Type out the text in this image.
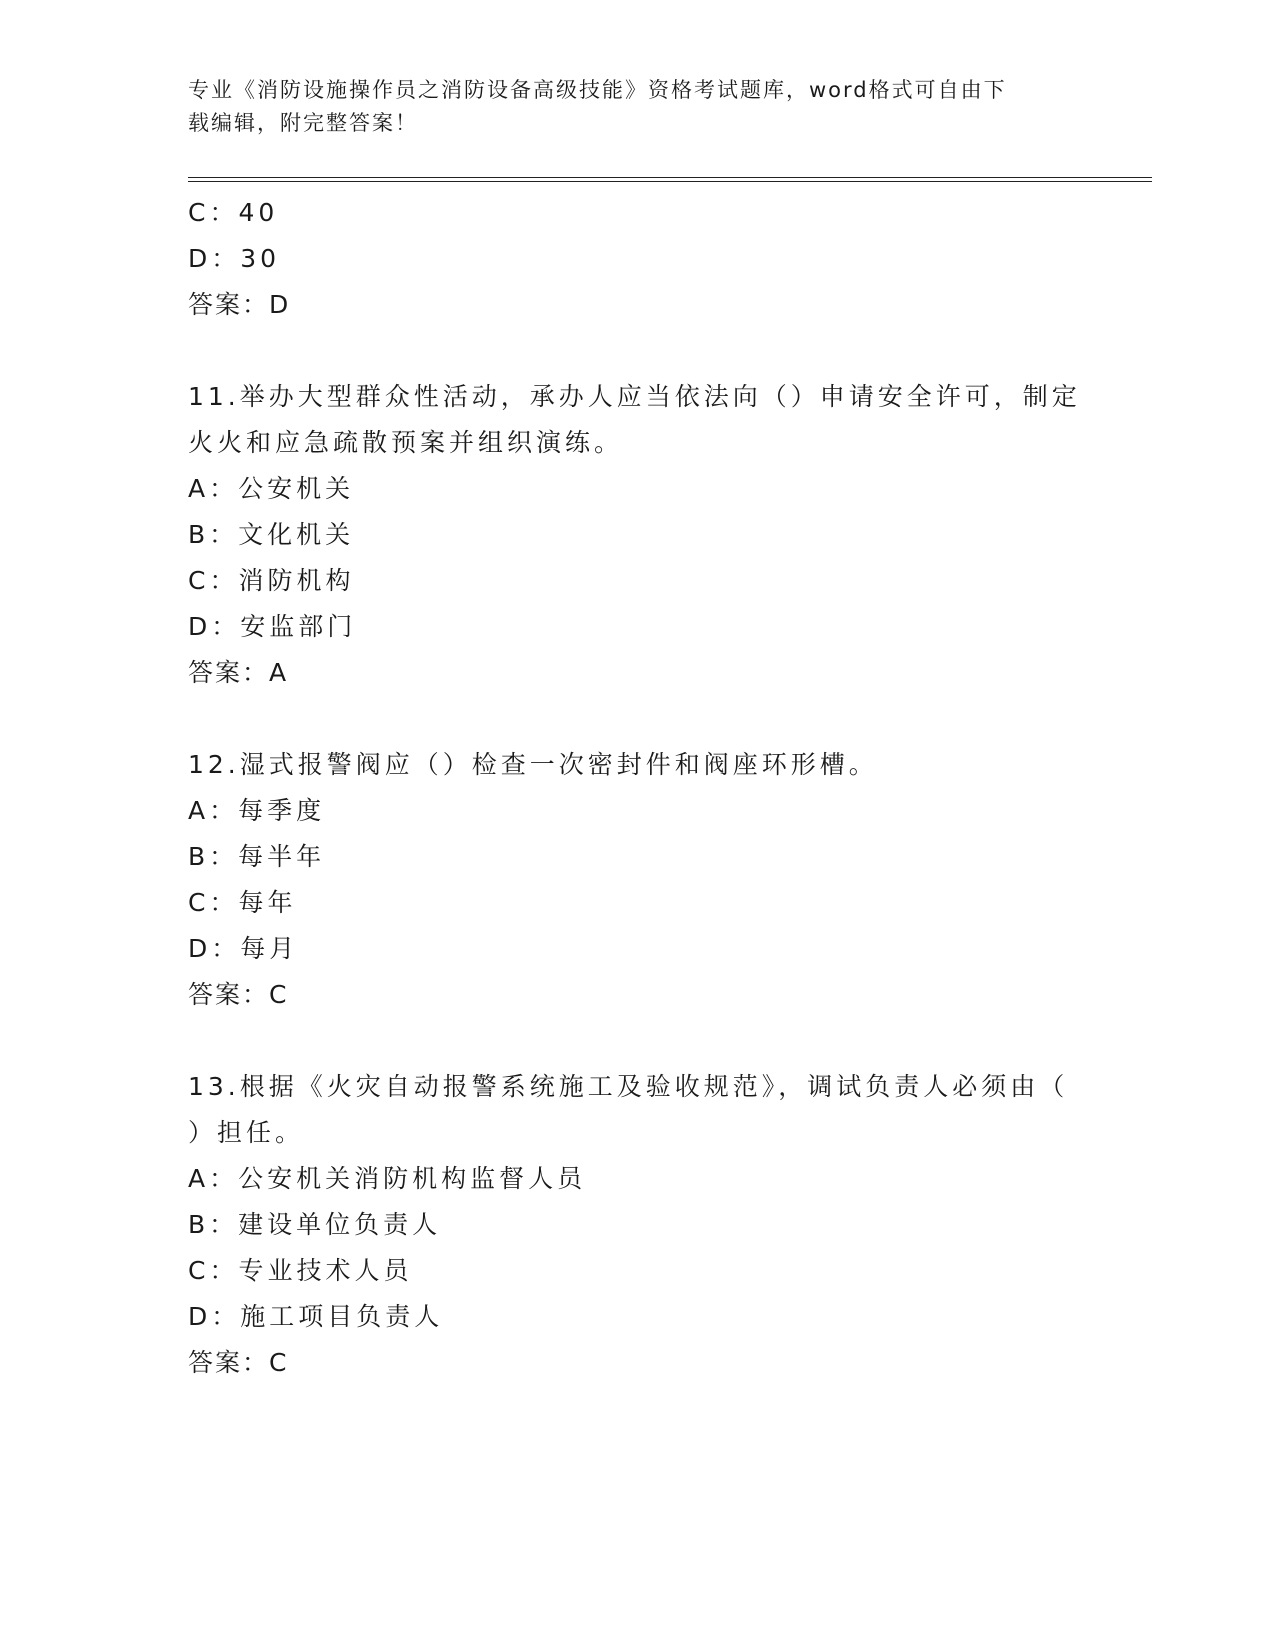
专业《消防设施操作员之消防设备高级技能》资格考试题库，word格式可自由下
载编辑，附完整答案！
C：40
D：30
答案：D
11.举办大型群众性活动，承办人应当依法向（）申请安全许可，制定
火火和应急疏散预案并组织演练。
A：公安机关
B：文化机关
C：消防机构
D：安监部门
答案：A
12.湿式报警阀应（）检查一次密封件和阀座环形槽。
A：每季度
B：每半年
C：每年
D：每月
答案：C
13.根据《火灾自动报警系统施工及验收规范》，调试负责人必须由（
）担任。
A：公安机关消防机构监督人员
B：建设单位负责人
C：专业技术人员
D：施工项目负责人
答案：C
